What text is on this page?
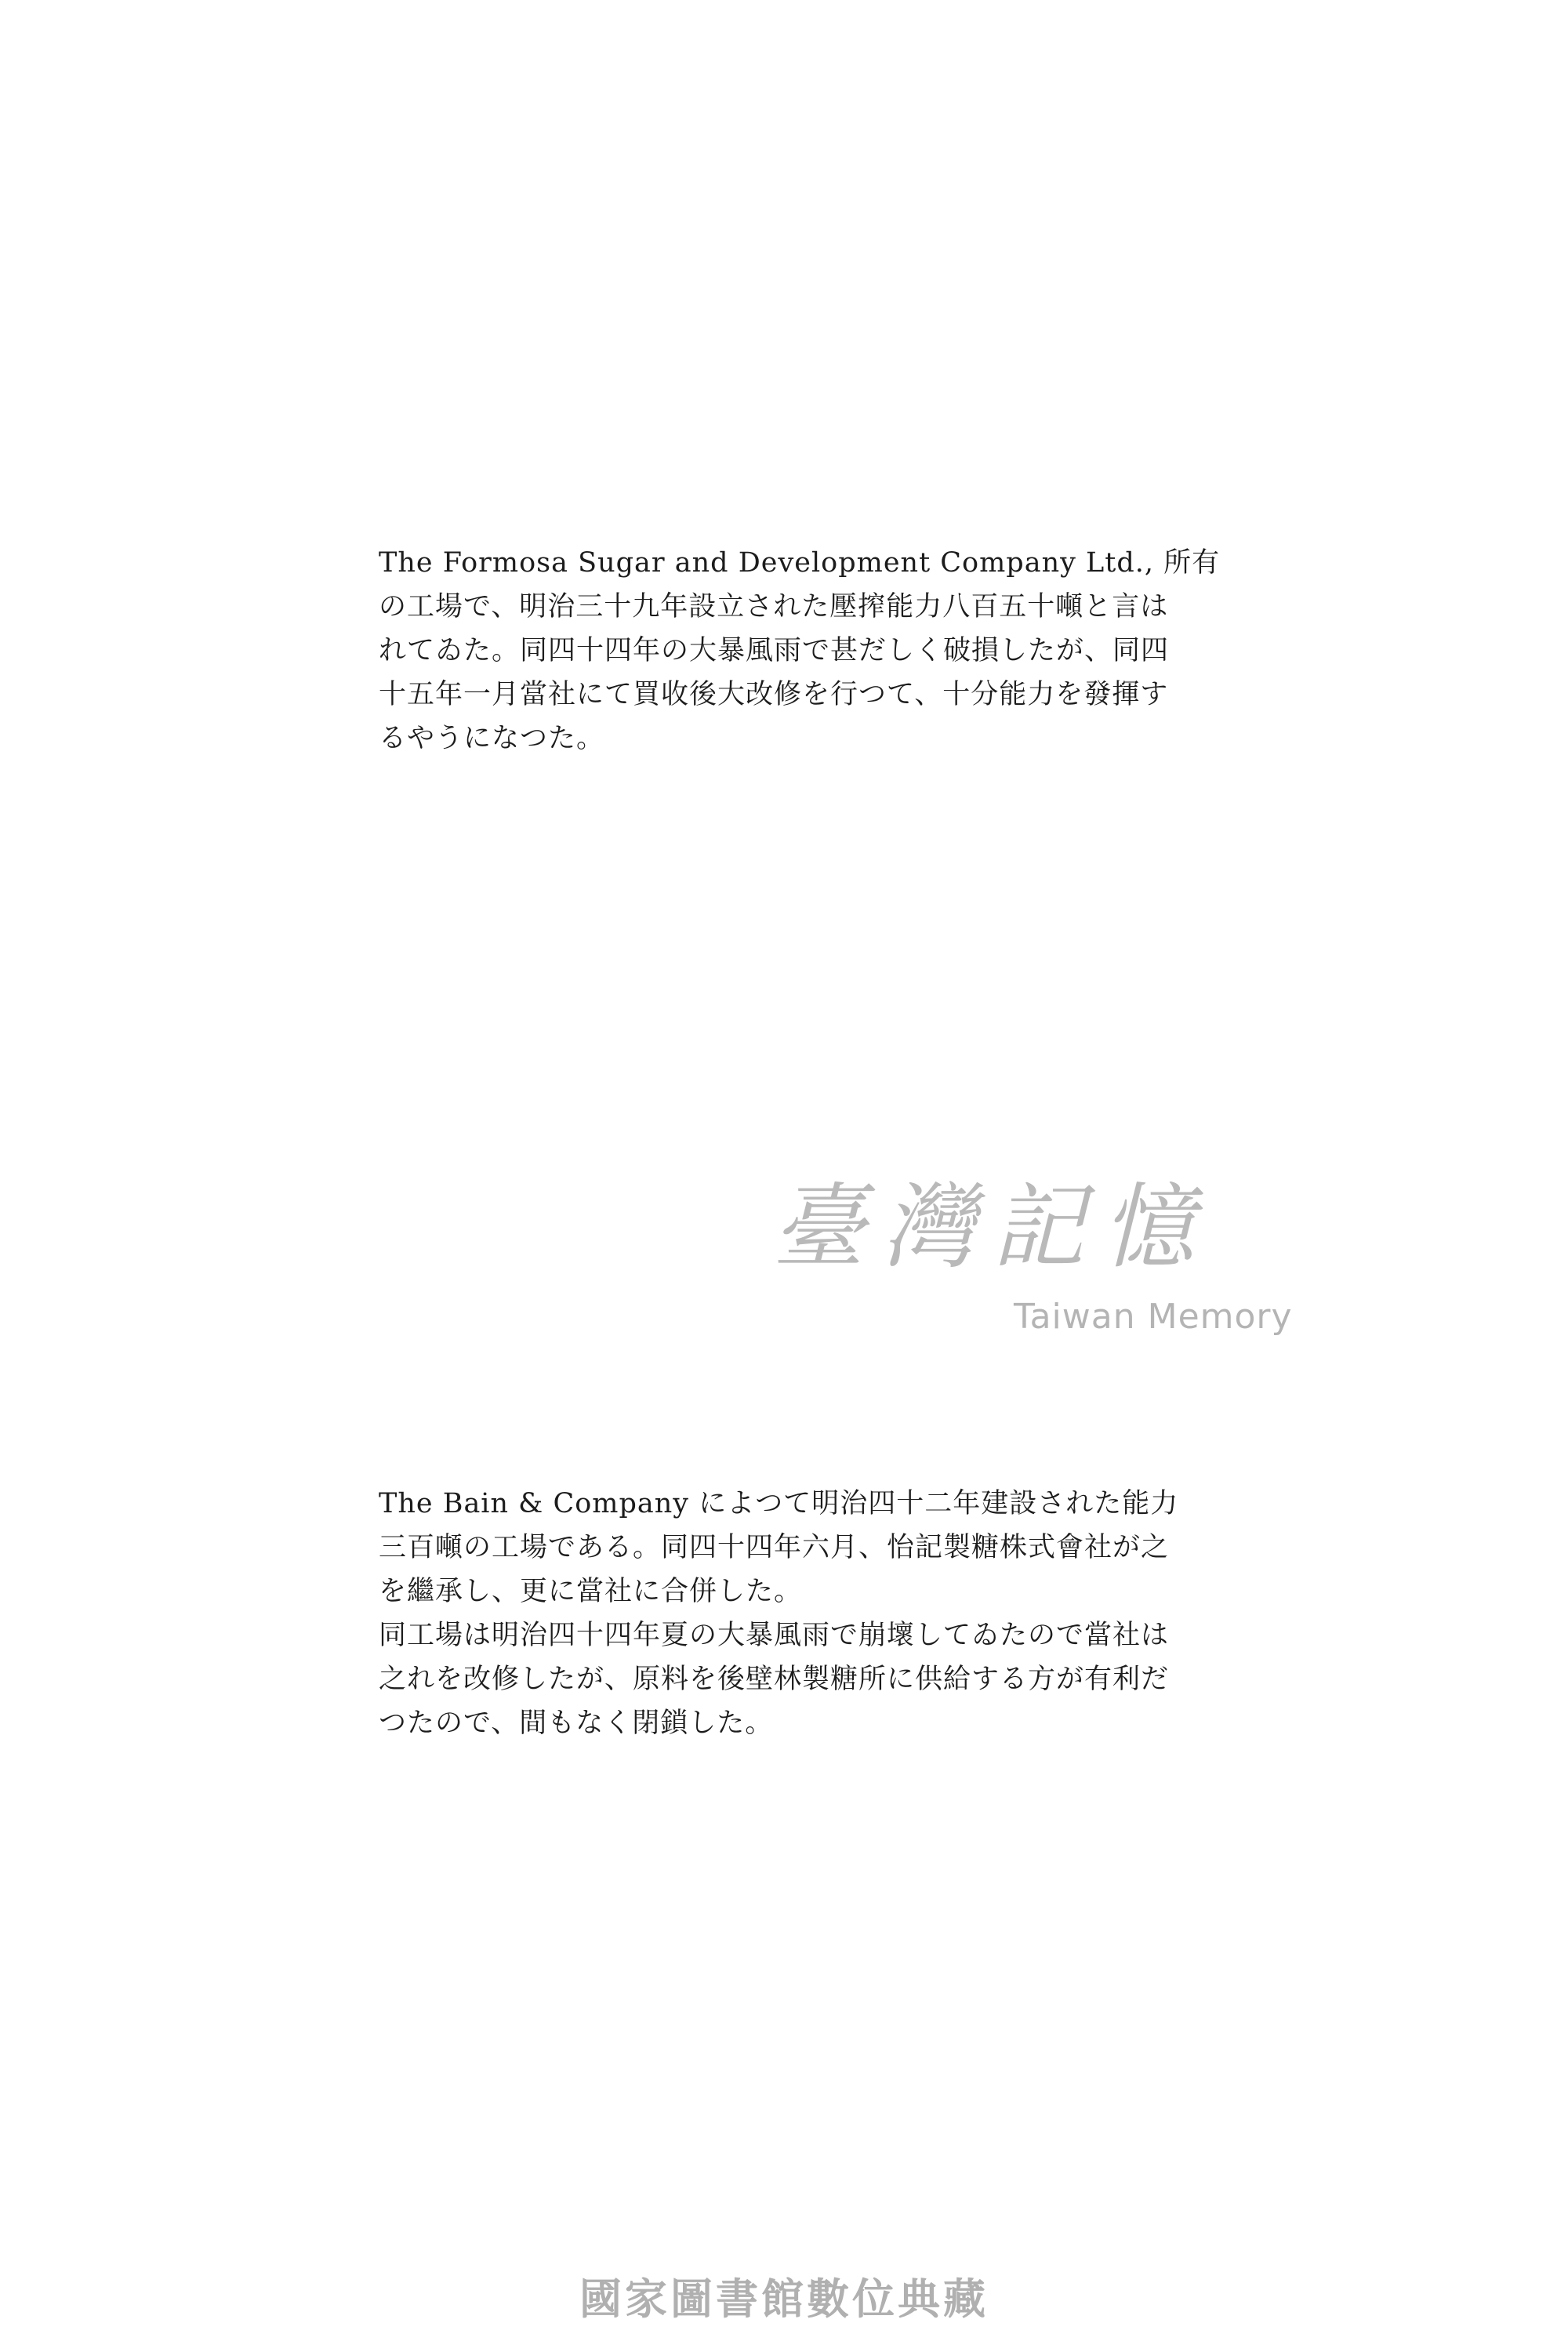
The Formosa Sugar and Development Company Ltd., 所有
の工場で、明治三十九年設立された壓搾能力八百五十噸と言は
れてゐた。同四十四年の大暴風雨で甚だしく破損したが、同四
十五年一月當社にて買收後大改修を行つて、十分能力を發揮す
るやうになつた。
臺灣記憶
Taiwan Memory
The Bain & Company によつて明治四十二年建設された能力
三百噸の工場である。同四十四年六月、怡記製糖株式會社が之
を繼承し、更に當社に合併した。
同工場は明治四十四年夏の大暴風雨で崩壞してゐたので當社は
之れを改修したが、原料を後壁林製糖所に供給する方が有利だ
つたので、間もなく閉鎖した。
國家圖書館數位典藏
